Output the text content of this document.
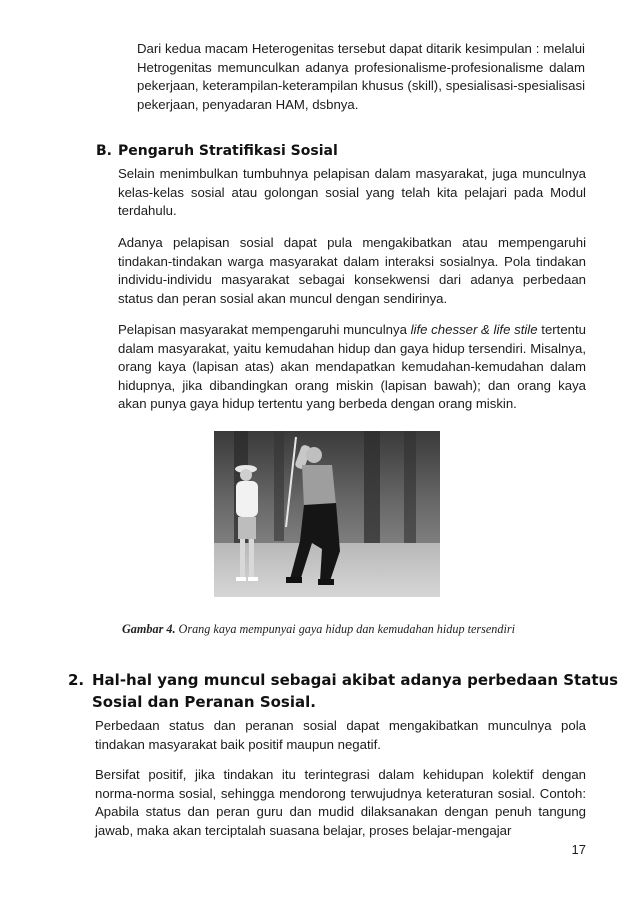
Dari kedua macam Heterogenitas tersebut dapat ditarik kesimpulan : melalui Hetrogenitas memunculkan adanya profesionalisme-profesionalisme dalam pekerjaan, keterampilan-keterampilan khusus (skill), spesialisasi-spesialisasi pekerjaan, penyadaran HAM, dsbnya.

B. Pengaruh Stratifikasi Sosial

Selain menimbulkan tumbuhnya pelapisan dalam masyarakat, juga munculnya kelas-kelas sosial atau golongan sosial yang telah kita pelajari pada Modul terdahulu.

Adanya pelapisan sosial dapat pula mengakibatkan atau mempengaruhi tindakan-tindakan warga masyarakat dalam interaksi sosialnya. Pola tindakan individu-individu masyarakat sebagai konsekwensi dari adanya perbedaan status dan peran sosial akan muncul dengan sendirinya.

Pelapisan masyarakat mempengaruhi munculnya life chesser & life stile tertentu dalam masyarakat, yaitu kemudahan hidup dan gaya hidup tersendiri. Misalnya, orang kaya (lapisan atas) akan mendapatkan kemudahan-kemudahan dalam hidupnya, jika dibandingkan orang miskin (lapisan bawah); dan orang kaya akan punya gaya hidup tertentu yang berbeda dengan orang miskin.

Gambar 4. Orang kaya mempunyai gaya hidup dan kemudahan hidup tersendiri
2. Hal-hal yang muncul sebagai akibat adanya perbedaan Status
Sosial dan Peranan Sosial.

Perbedaan status dan peranan sosial dapat mengakibatkan munculnya pola tindakan masyarakat baik positif maupun negatif.

Bersifat positif, jika tindakan itu terintegrasi dalam kehidupan kolektif dengan norma-norma sosial, sehingga mendorong terwujudnya keteraturan sosial. Contoh: Apabila status dan peran guru dan mudid dilaksanakan dengan penuh tangung jawab, maka akan terciptalah suasana belajar, proses belajar-mengajar

17
